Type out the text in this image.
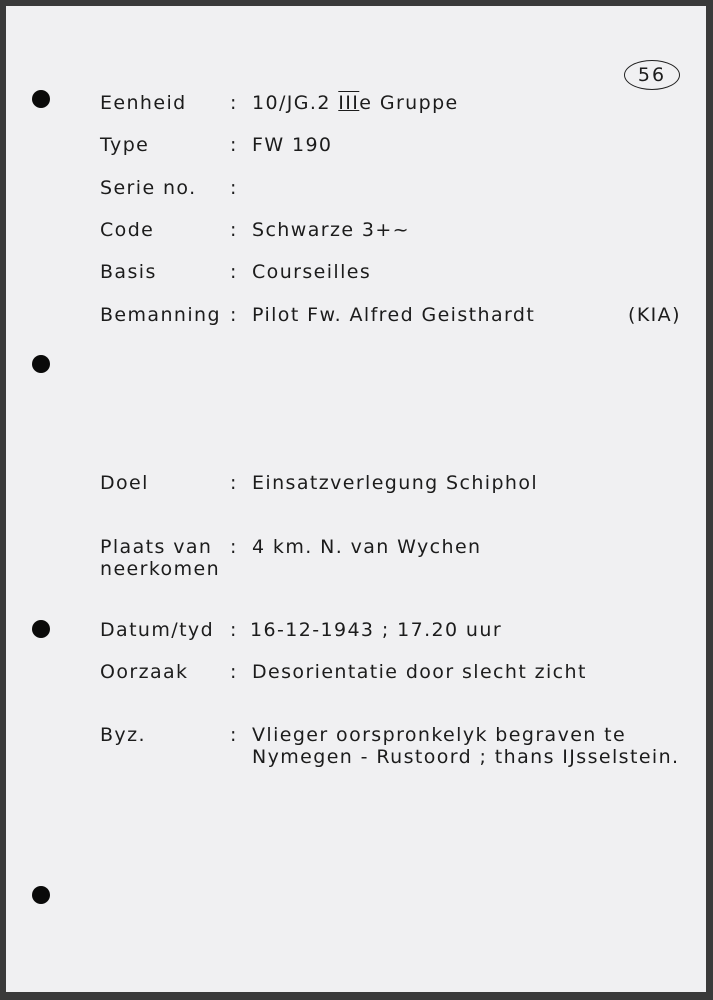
56
Eenheid : 10/JG.2 IIIe Gruppe
Type	: FW 190
Serie no. :
Code	: Schwarze 3+~
Basis	: Courseilles
Bemanning : Pilot Fw. Alfred Geisthardt	(KIA)
Doel	: Einsatzverlegung Schiphol
Plaats van
neerkomen
: 4 km. N. van Wychen
Datum/tyd : 16-12-1943 ; 17.20 uur
Oorzaak : Desorientatie door slecht zicht
Byz.	: Vlieger oorspronkelyk begraven te
Nymegen - Rustoord ; thans IJsselstein.
